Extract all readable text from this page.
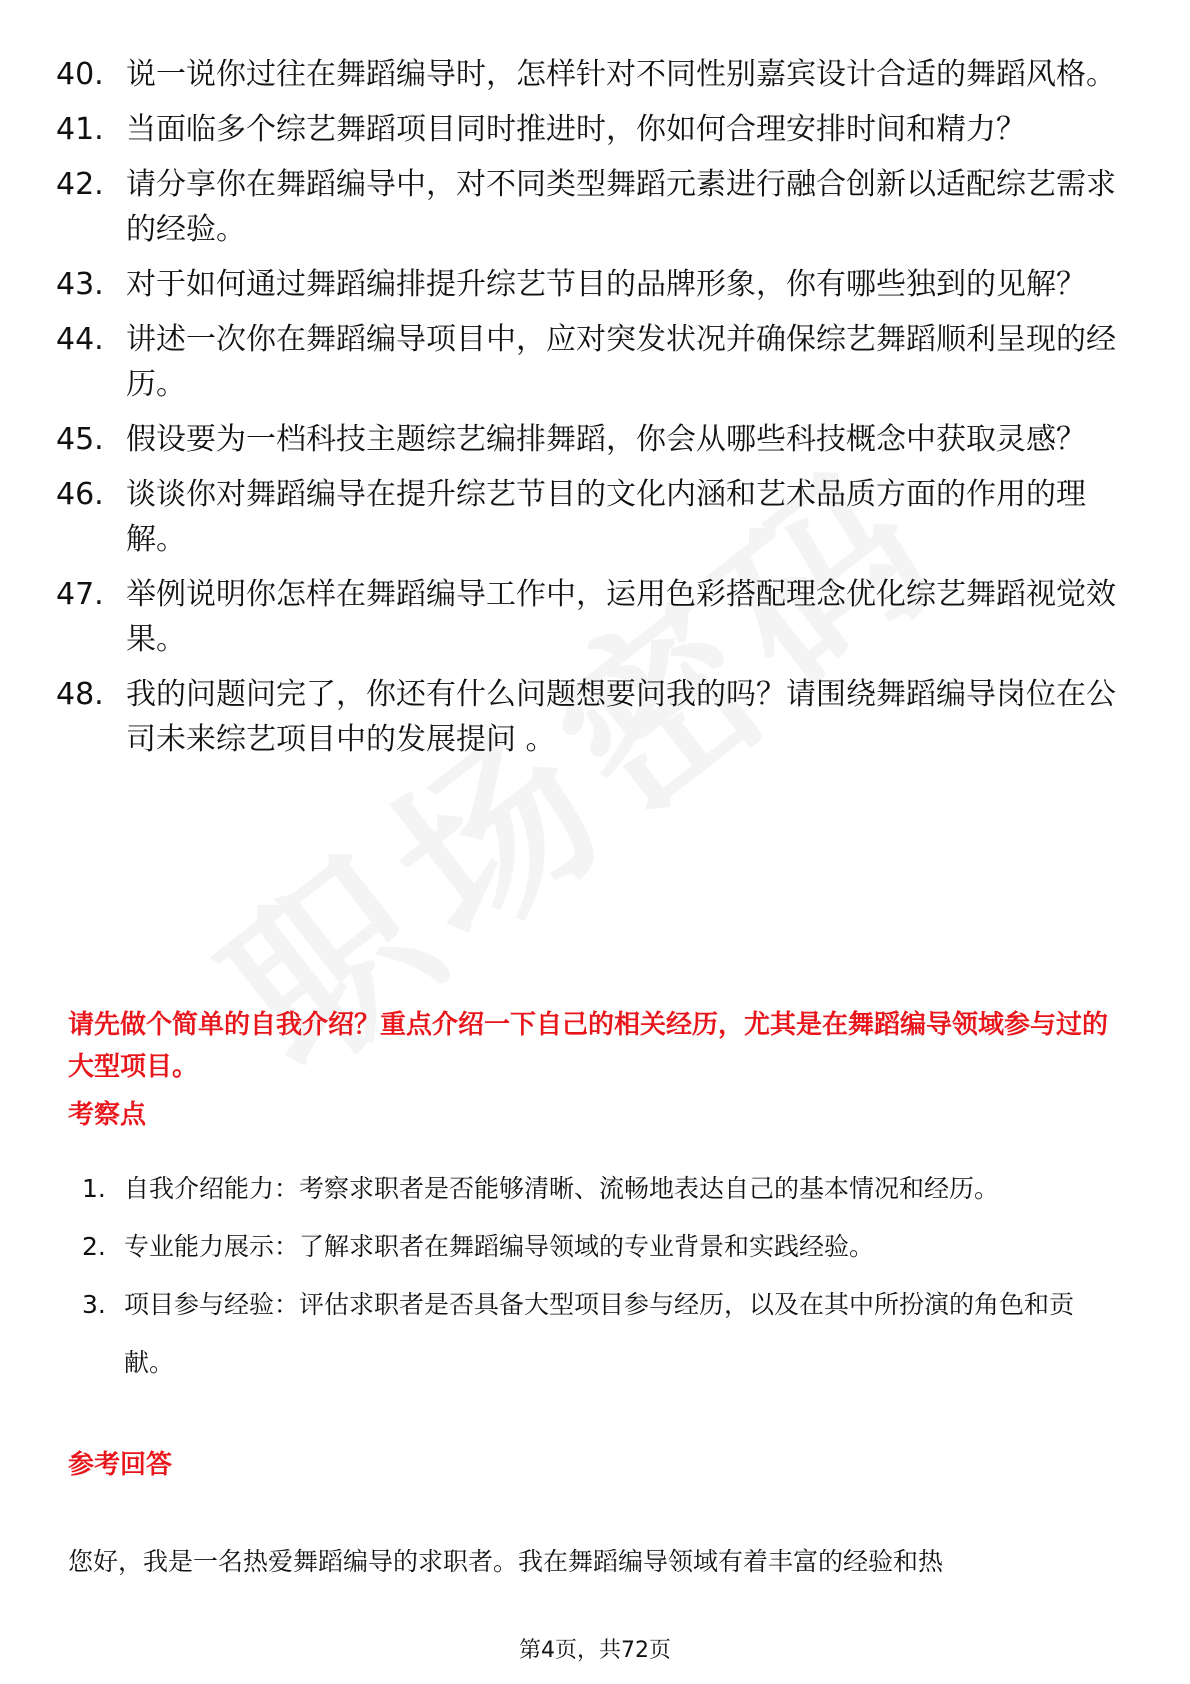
40. 说一说你过往在舞蹈编导时，怎样针对不同性别嘉宾设计合适的舞蹈风格。
41. 当面临多个综艺舞蹈项目同时推进时，你如何合理安排时间和精力？
42. 请分享你在舞蹈编导中，对不同类型舞蹈元素进行融合创新以适配综艺需求的经验。
43. 对于如何通过舞蹈编排提升综艺节目的品牌形象，你有哪些独到的见解？
44. 讲述一次你在舞蹈编导项目中，应对突发状况并确保综艺舞蹈顺利呈现的经历。
45. 假设要为一档科技主题综艺编排舞蹈，你会从哪些科技概念中获取灵感？
46. 谈谈你对舞蹈编导在提升综艺节目的文化内涵和艺术品质方面的作用的理解。
47. 举例说明你怎样在舞蹈编导工作中，运用色彩搭配理念优化综艺舞蹈视觉效果。
48. 我的问题问完了，你还有什么问题想要问我的吗？请围绕舞蹈编导岗位在公司未来综艺项目中的发展提问 。
请先做个简单的自我介绍？重点介绍一下自己的相关经历，尤其是在舞蹈编导领域参与过的大型项目。
考察点
1. 自我介绍能力：考察求职者是否能够清晰、流畅地表达自己的基本情况和经历。
2. 专业能力展示：了解求职者在舞蹈编导领域的专业背景和实践经验。
3. 项目参与经验：评估求职者是否具备大型项目参与经历，以及在其中所扮演的角色和贡献。
参考回答
您好，我是一名热爱舞蹈编导的求职者。我在舞蹈编导领域有着丰富的经验和热
第4页，共72页
